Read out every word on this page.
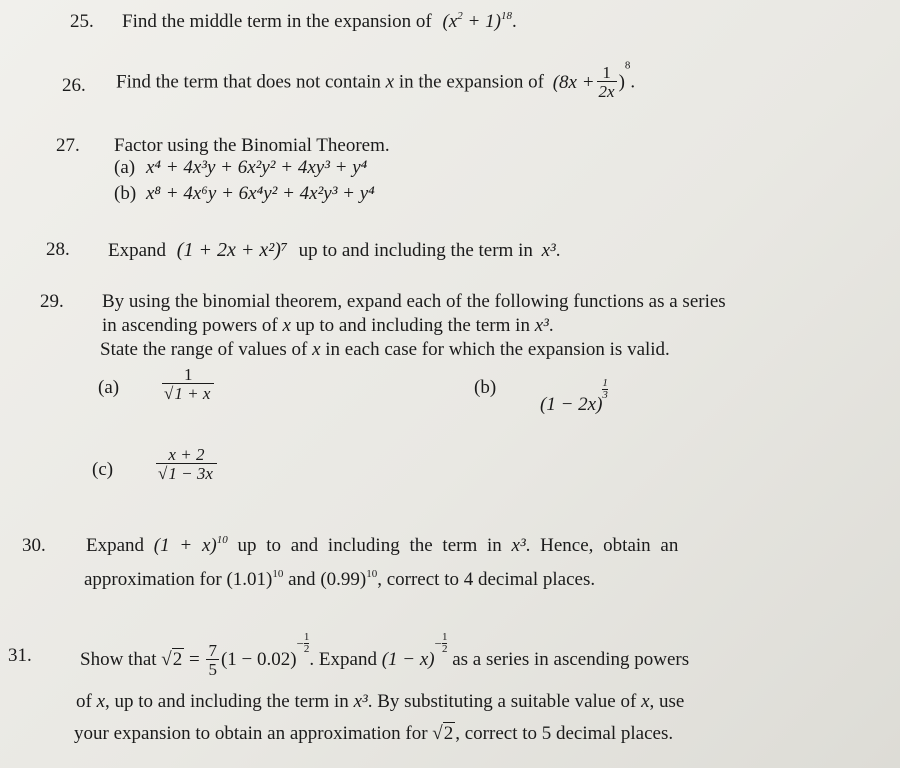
25. Find the middle term in the expansion of $(x^2 + 1)^{18}$.
26. Find the term that does not contain x in the expansion of $(8x + \frac{1}{2x} )^8$.
27. Factor using the Binomial Theorem.
(a) x⁴ + 4x³y + 6x²y² + 4xy³ + y⁴
(b) x⁸ + 4x⁶y + 6x⁴y² + 4x²y³ + y⁴
28. Expand (1 + 2x + x²)⁷ up to and including the term in x³.
29. By using the binomial theorem, expand each of the following functions as a series
in ascending powers of x up to and including the term in x³.
State the range of values of x in each case for which the expansion is valid.
(a)	$\frac{1}{√1 + x}$	(b)
$(1 - 2x)\frac{1}{3}$
(c)	$\frac{x + 2}{√1 - 3x}$
30. Expand $(1 + x)^{10}$ up to and including the term in x³. Hence, obtain an
approximation for $(1.01)^{10}$ and $(0.99)^{10}$, correct to 4 decimal places.
31.	Show that $√2 = \frac{7}{5} (1 - 0.02)-\frac{1}{2}$
. Expand $(1 - x)-\frac{1}{2}$
as a series in ascending powers
of x, up to and including the term in x³. By substituting a suitable value of x, use
your expansion to obtain an approximation for √2 , correct to 5 decimal places.
